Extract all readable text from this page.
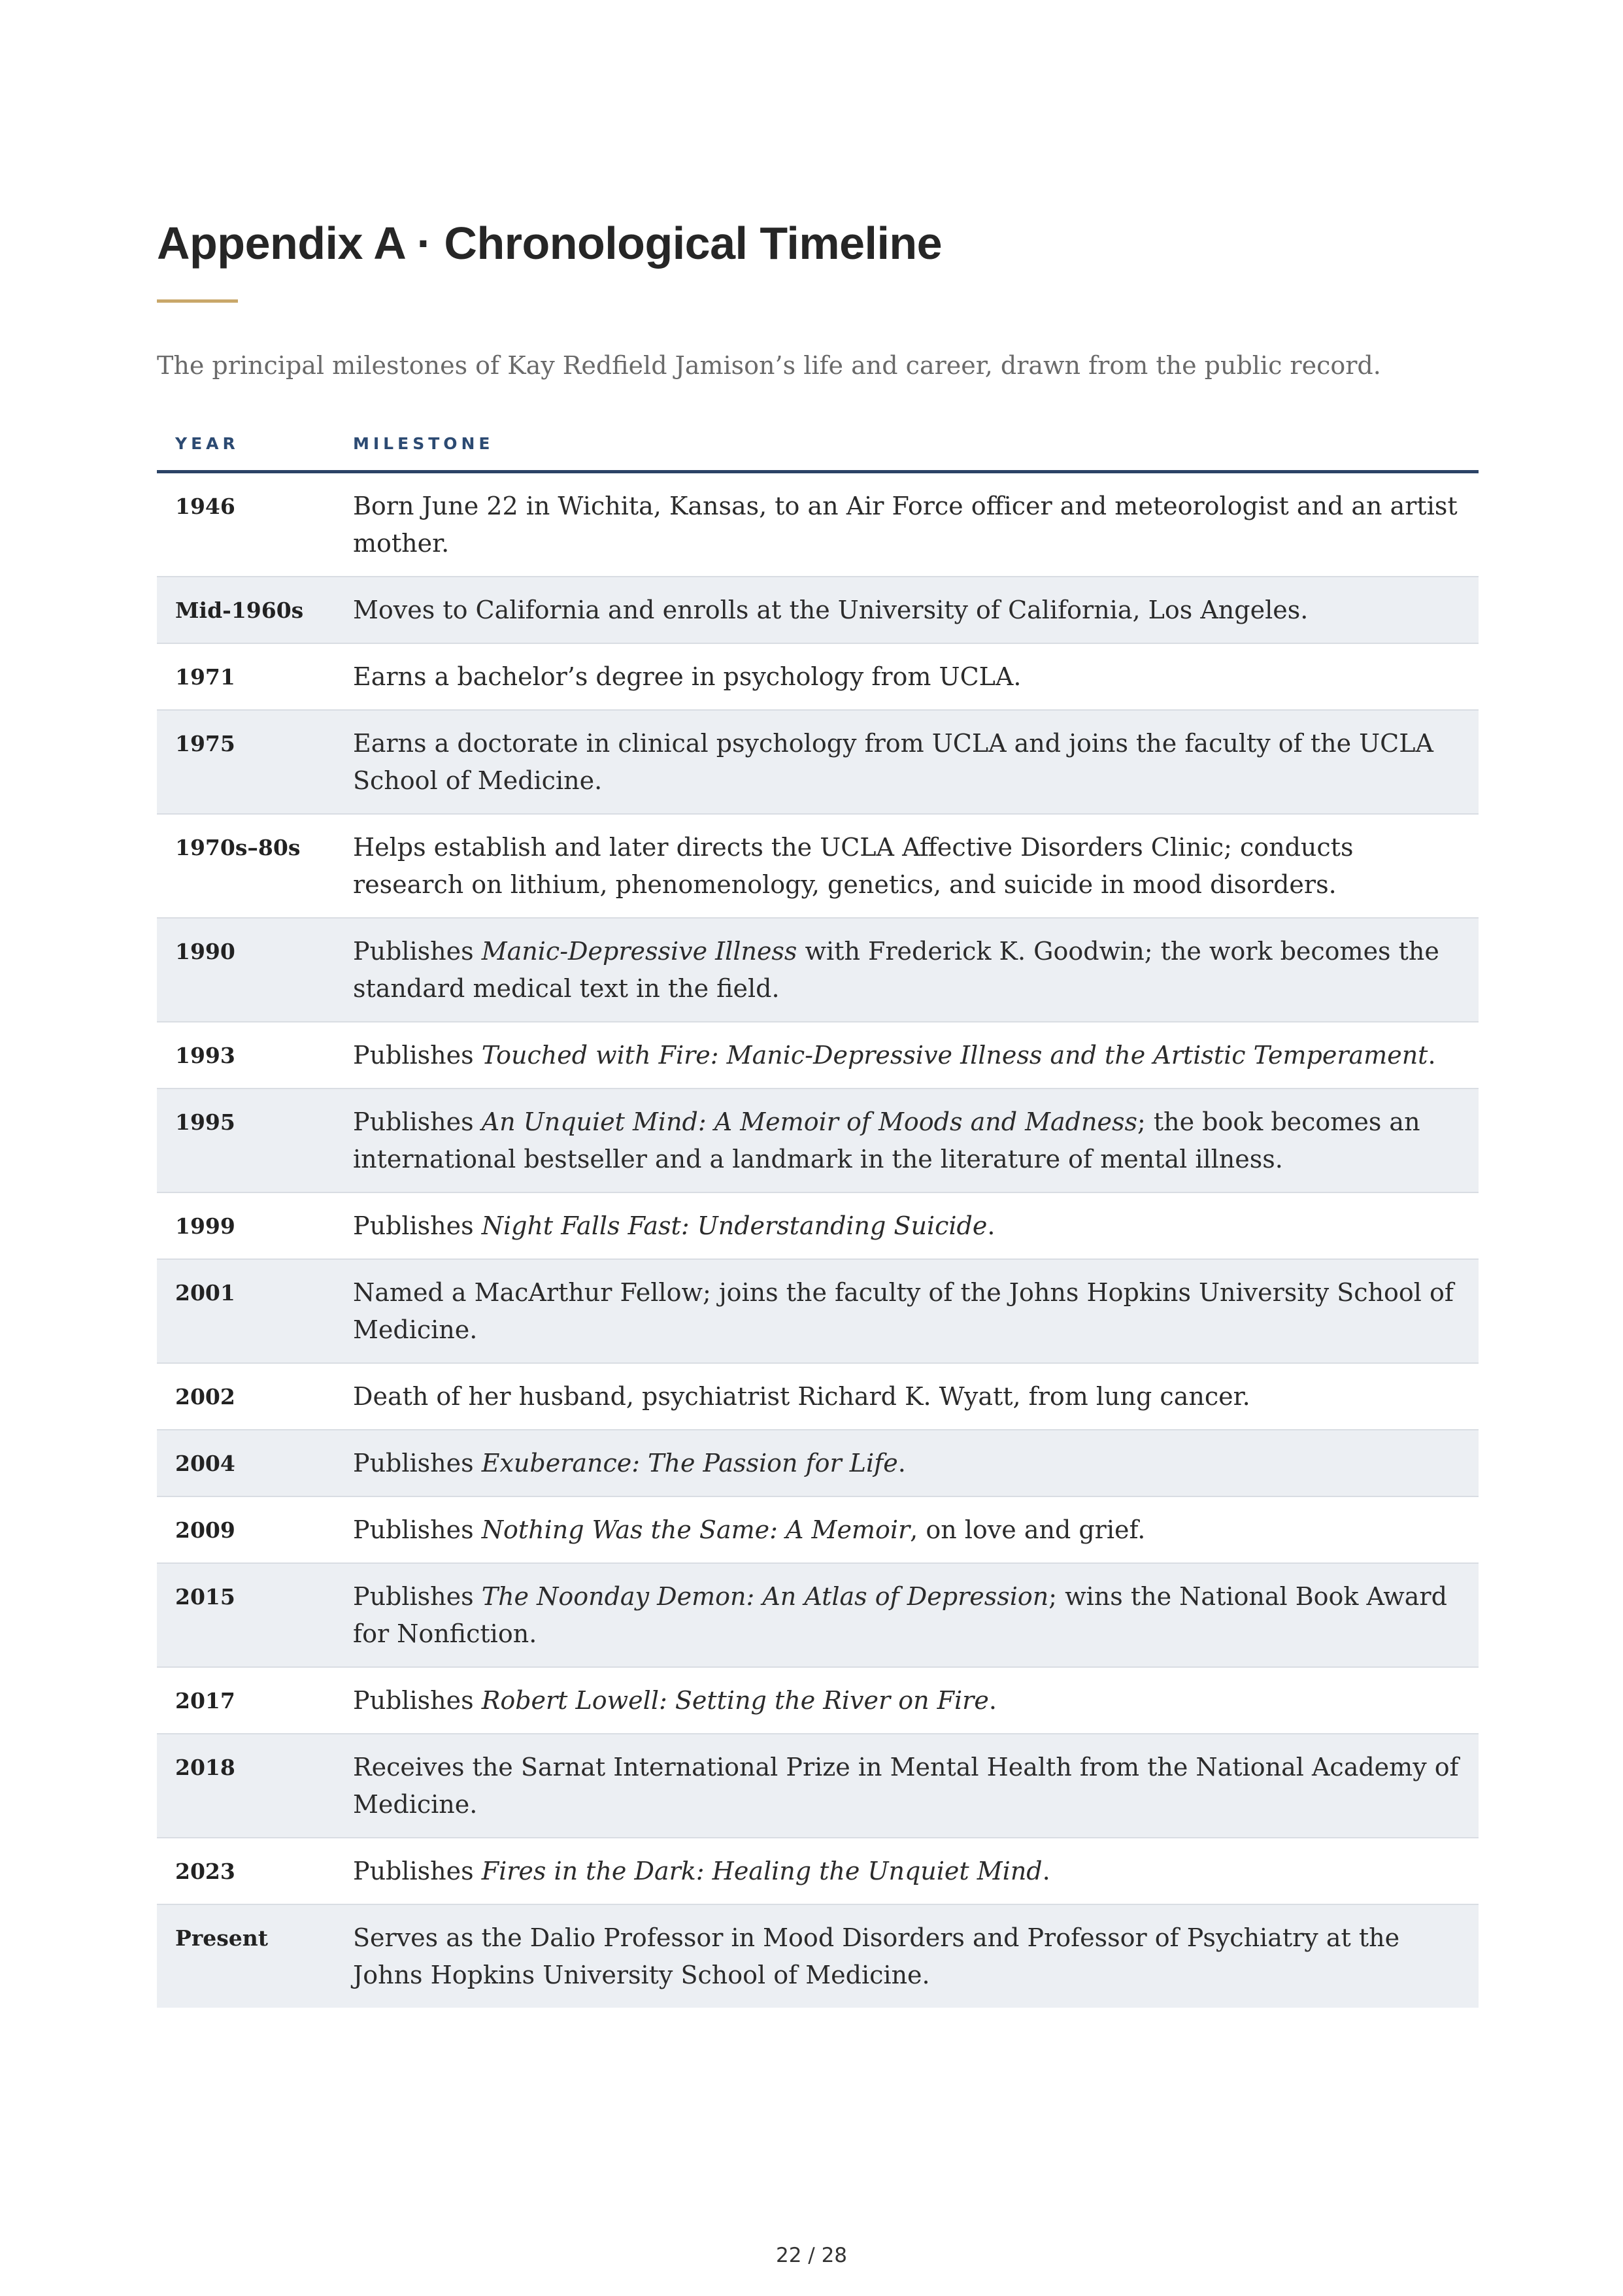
Appendix A · Chronological Timeline

The principal milestones of Kay Redfield Jamison’s life and career, drawn from the public record.

YEAR	MILESTONE
1946	Born June 22 in Wichita, Kansas, to an Air Force officer and meteorologist and an artist mother.
Mid-1960s	Moves to California and enrolls at the University of California, Los Angeles.
1971	Earns a bachelor’s degree in psychology from UCLA.
1975	Earns a doctorate in clinical psychology from UCLA and joins the faculty of the UCLA School of Medicine.
1970s–80s	Helps establish and later directs the UCLA Affective Disorders Clinic; conducts research on lithium, phenomenology, genetics, and suicide in mood disorders.
1990	Publishes Manic-Depressive Illness with Frederick K. Goodwin; the work becomes the standard medical text in the field.
1993	Publishes Touched with Fire: Manic-Depressive Illness and the Artistic Temperament.
1995	Publishes An Unquiet Mind: A Memoir of Moods and Madness; the book becomes an international bestseller and a landmark in the literature of mental illness.
1999	Publishes Night Falls Fast: Understanding Suicide.
2001	Named a MacArthur Fellow; joins the faculty of the Johns Hopkins University School of Medicine.
2002	Death of her husband, psychiatrist Richard K. Wyatt, from lung cancer.
2004	Publishes Exuberance: The Passion for Life.
2009	Publishes Nothing Was the Same: A Memoir, on love and grief.
2015	Publishes The Noonday Demon: An Atlas of Depression; wins the National Book Award for Nonfiction.
2017	Publishes Robert Lowell: Setting the River on Fire.
2018	Receives the Sarnat International Prize in Mental Health from the National Academy of Medicine.
2023	Publishes Fires in the Dark: Healing the Unquiet Mind.
Present	Serves as the Dalio Professor in Mood Disorders and Professor of Psychiatry at the Johns Hopkins University School of Medicine.
22 / 28
